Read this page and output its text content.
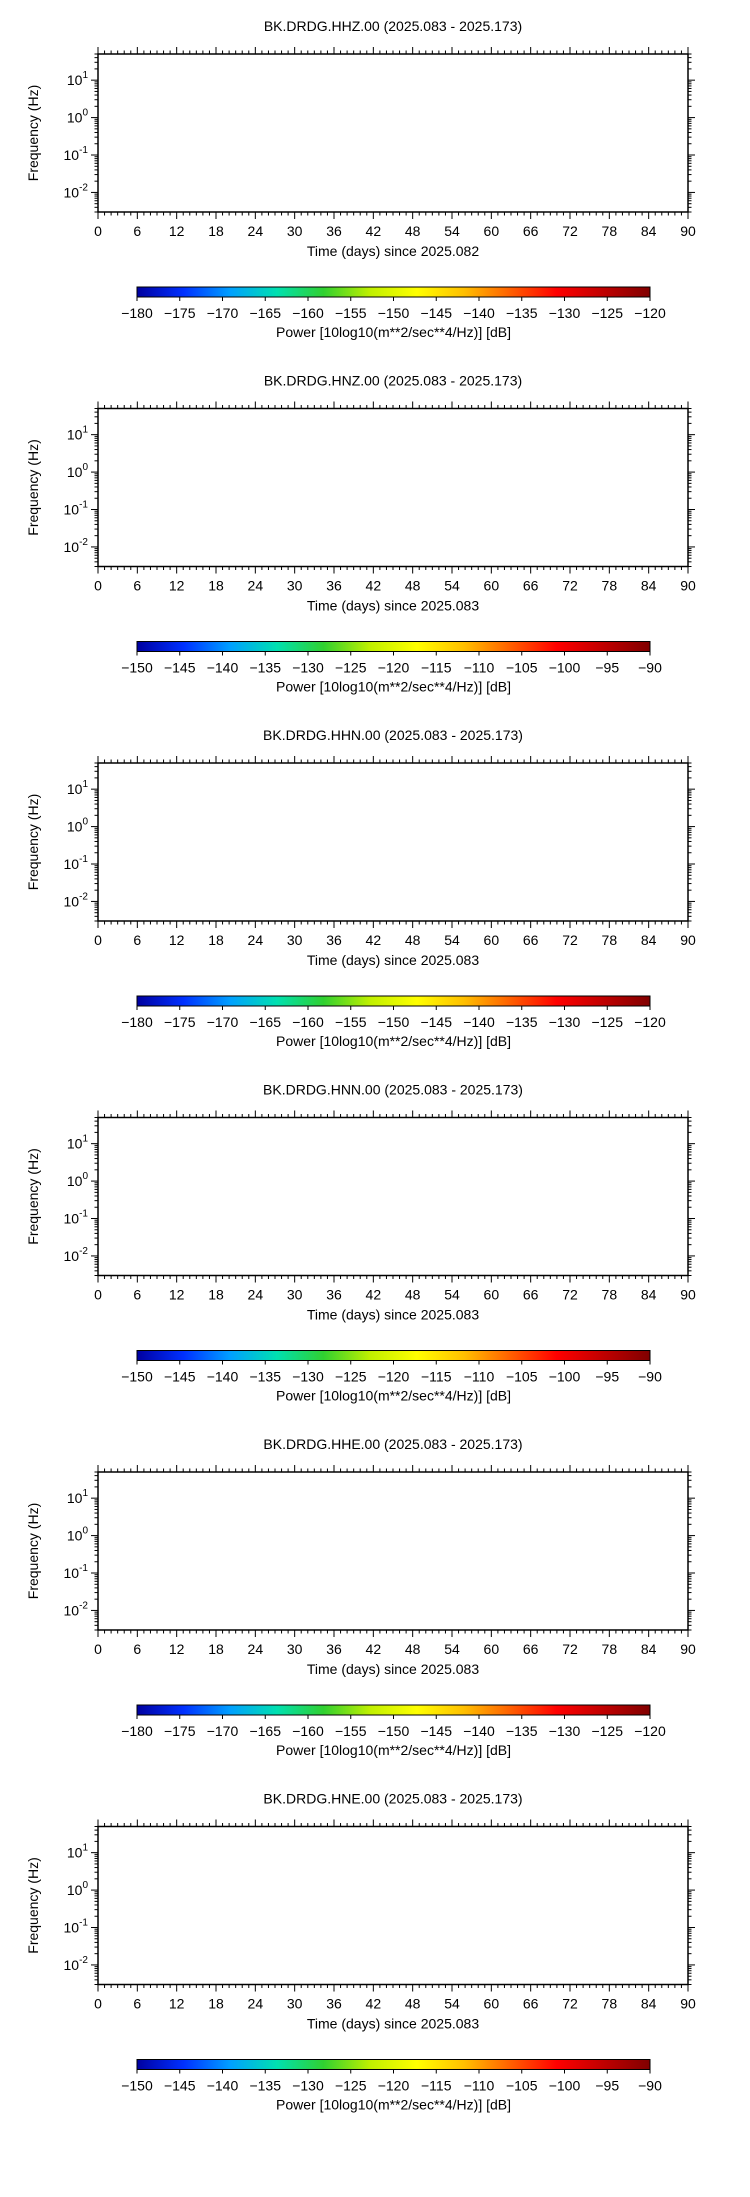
BK.DRDG.HHZ.00 (2025.083 - 2025.173)
0 6 12 18 24 30 36 42 48 54 60 66 72 78 84 90
Time (days) since 2025.082
$10^1$
$10^0$
$10^{-1}$
$10^{-2}$
Frequency (Hz)
−180 −175 −170 −165 −160 −155 −150 −145 −140 −135 −130 −125 −120
Power [10log10(m**2/sec**4/Hz)] [dB]
BK.DRDG.HNZ.00 (2025.083 - 2025.173)
0 6 12 18 24 30 36 42 48 54 60 66 72 78 84 90
Time (days) since 2025.083
$10^1$
$10^0$
$10^{-1}$
$10^{-2}$
Frequency (Hz)
−150 −145 −140 −135 −130 −125 −120 −115 −110 −105 −100 −95 −90
Power [10log10(m**2/sec**4/Hz)] [dB]
BK.DRDG.HHN.00 (2025.083 - 2025.173)
0 6 12 18 24 30 36 42 48 54 60 66 72 78 84 90
Time (days) since 2025.083
$10^1$
$10^0$
$10^{-1}$
$10^{-2}$
Frequency (Hz)
−180 −175 −170 −165 −160 −155 −150 −145 −140 −135 −130 −125 −120
Power [10log10(m**2/sec**4/Hz)] [dB]
BK.DRDG.HNN.00 (2025.083 - 2025.173)
0 6 12 18 24 30 36 42 48 54 60 66 72 78 84 90
Time (days) since 2025.083
$10^1$
$10^0$
$10^{-1}$
$10^{-2}$
Frequency (Hz)
−150 −145 −140 −135 −130 −125 −120 −115 −110 −105 −100 −95 −90
Power [10log10(m**2/sec**4/Hz)] [dB]
BK.DRDG.HHE.00 (2025.083 - 2025.173)
0 6 12 18 24 30 36 42 48 54 60 66 72 78 84 90
Time (days) since 2025.083
$10^1$
$10^0$
$10^{-1}$
$10^{-2}$
Frequency (Hz)
−180 −175 −170 −165 −160 −155 −150 −145 −140 −135 −130 −125 −120
Power [10log10(m**2/sec**4/Hz)] [dB]
BK.DRDG.HNE.00 (2025.083 - 2025.173)
0 6 12 18 24 30 36 42 48 54 60 66 72 78 84 90
Time (days) since 2025.083
$10^1$
$10^0$
$10^{-1}$
$10^{-2}$
Frequency (Hz)
−150 −145 −140 −135 −130 −125 −120 −115 −110 −105 −100 −95 −90
Power [10log10(m**2/sec**4/Hz)] [dB]
